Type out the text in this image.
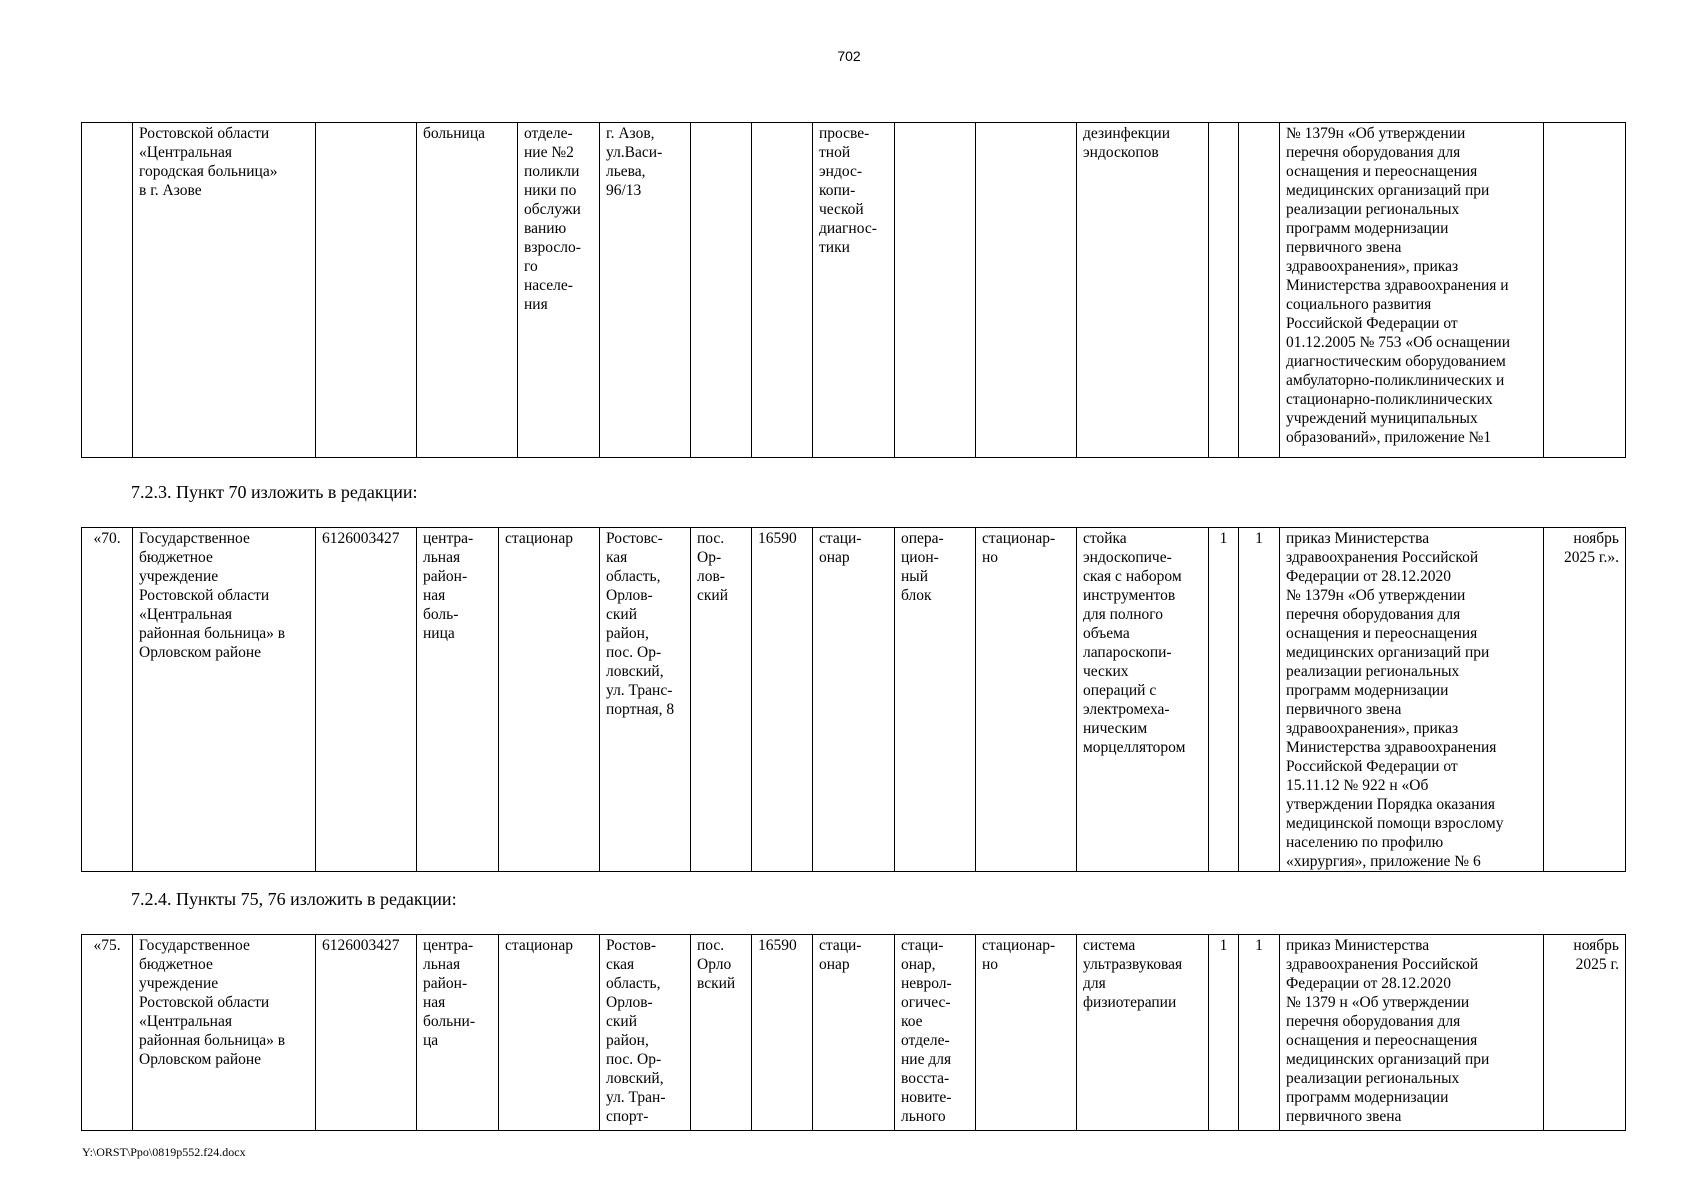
702
	Ростовской области
«Центральная
городская больница»
в г. Азове		больница	отделе-
ние №2
поликли
ники по
обслужи
ванию
взросло-
го
населе-
ния	г. Азов,
ул.Васи-
льева,
96/13			просве-
тной
эндос-
копи-
ческой
диагнос-
тики			дезинфекции
эндоскопов			№ 1379н «Об утверждении
перечня оборудования для
оснащения и переоснащения
медицинских организаций при
реализации региональных
программ модернизации
первичного звена
здравоохранения», приказ
Министерства здравоохранения и
социального развития
Российской Федерации от
01.12.2005 № 753 «Об оснащении
диагностическим оборудованием
амбулаторно-поликлинических и
стационарно-поликлинических
учреждений муниципальных
образований», приложение №1	
7.2.3. Пункт 70 изложить в редакции:
«70.	Государственное
бюджетное
учреждение
Ростовской области
«Центральная
районная больница» в
Орловском районе	6126003427	центра-
льная
район-
ная
боль-
ница	стационар	Ростовс-
кая
область,
Орлов-
ский
район,
пос. Ор-
ловский,
ул. Транс-
портная, 8	пос.
Ор-
лов-
ский	16590	стаци-
онар	опера-
цион-
ный
блок	стационар-
но	стойка
эндоскопиче-
ская с набором
инструментов
для полного
объема
лапароскопи-
ческих
операций с
электромеха-
ническим
морцеллятором	1	1	приказ Министерства
здравоохранения Российской
Федерации от 28.12.2020
№ 1379н «Об утверждении
перечня оборудования для
оснащения и переоснащения
медицинских организаций при
реализации региональных
программ модернизации
первичного звена
здравоохранения», приказ
Министерства здравоохранения
Российской Федерации от
15.11.12 № 922 н «Об
утверждении Порядка оказания
медицинской помощи взрослому
населению по профилю
«хирургия», приложение № 6	ноябрь
2025 г.».
7.2.4. Пункты 75, 76 изложить в редакции:
«75.	Государственное
бюджетное
учреждение
Ростовской области
«Центральная
районная больница» в
Орловском районе	6126003427	центра-
льная
район-
ная
больни-
ца	стационар	Ростов-
ская
область,
Орлов-
ский
район,
пос. Ор-
ловский,
ул. Тран-
спорт-	пос.
Орло
вский	16590	стаци-
онар	стаци-
онар,
неврол-
огичес-
кое
отделе-
ние для
восста-
новите-
льного	стационар-
но	система
ультразвуковая
для
физиотерапии	1	1	приказ Министерства
здравоохранения Российской
Федерации от 28.12.2020
№ 1379 н «Об утверждении
перечня оборудования для
оснащения и переоснащения
медицинских организаций при
реализации региональных
программ модернизации
первичного звена	ноябрь
2025 г.
Y:\ORST\Ppo\0819p552.f24.docx
